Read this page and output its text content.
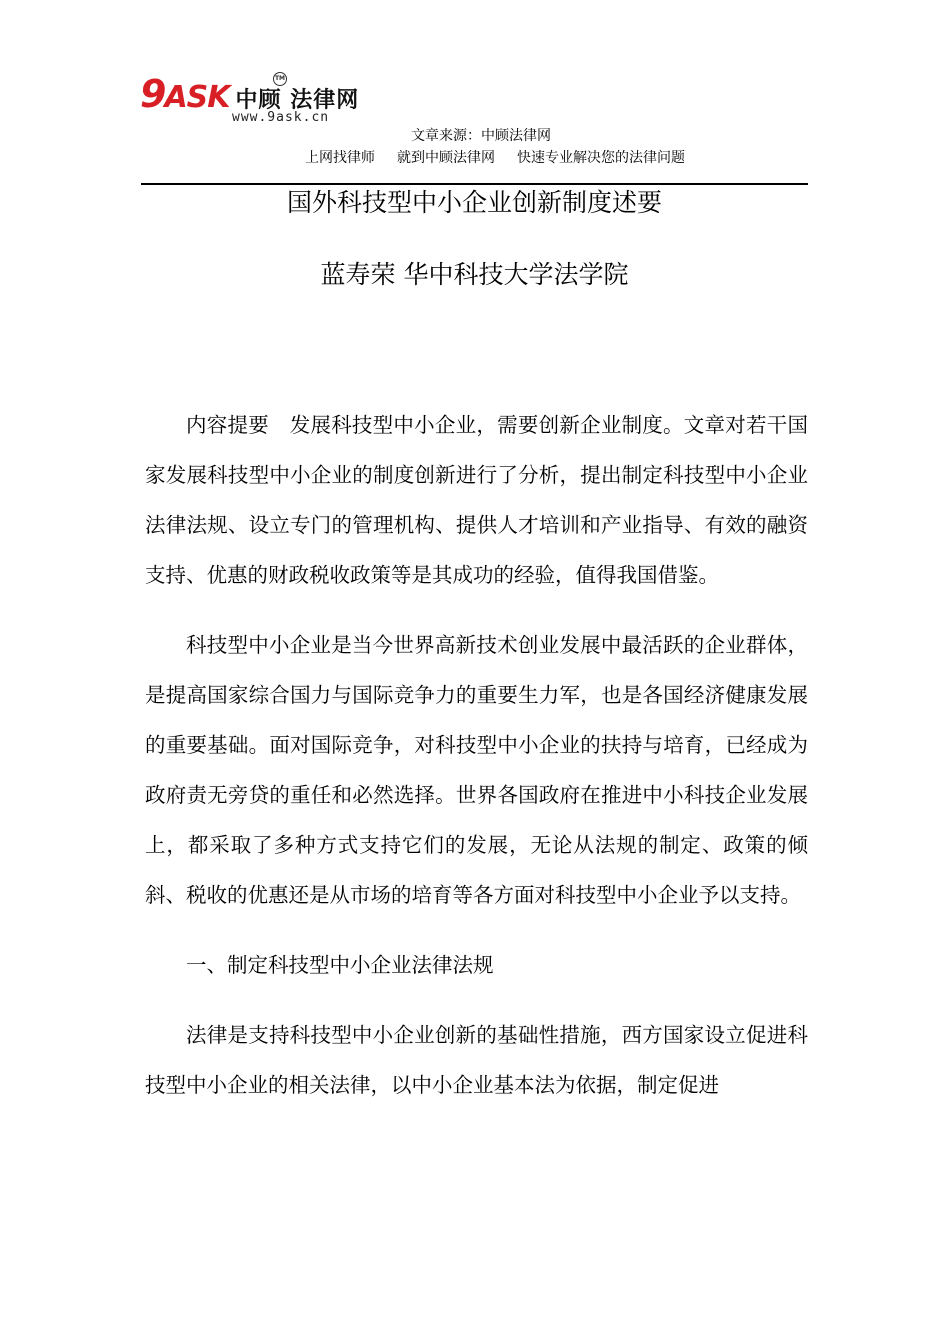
9ASK 中顾 法律网
TM
www.9ask.cn
文章来源：中顾法律网
上网找律师 就到中顾法律网 快速专业解决您的法律问题
国外科技型中小企业创新制度述要
蓝寿荣 华中科技大学法学院

内容提要　发展科技型中小企业，需要创新企业制度。文章对若干国家发展科技型中小企业的制度创新进行了分析，提出制定科技型中小企业法律法规、设立专门的管理机构、提供人才培训和产业指导、有效的融资支持、优惠的财政税收政策等是其成功的经验，值得我国借鉴。

科技型中小企业是当今世界高新技术创业发展中最活跃的企业群体，是提高国家综合国力与国际竞争力的重要生力军，也是各国经济健康发展的重要基础。面对国际竞争，对科技型中小企业的扶持与培育，已经成为政府责无旁贷的重任和必然选择。世界各国政府在推进中小科技企业发展上，都采取了多种方式支持它们的发展，无论从法规的制定、政策的倾斜、税收的优惠还是从市场的培育等各方面对科技型中小企业予以支持。

一、制定科技型中小企业法律法规

法律是支持科技型中小企业创新的基础性措施，西方国家设立促进科技型中小企业的相关法律，以中小企业基本法为依据，制定促进
